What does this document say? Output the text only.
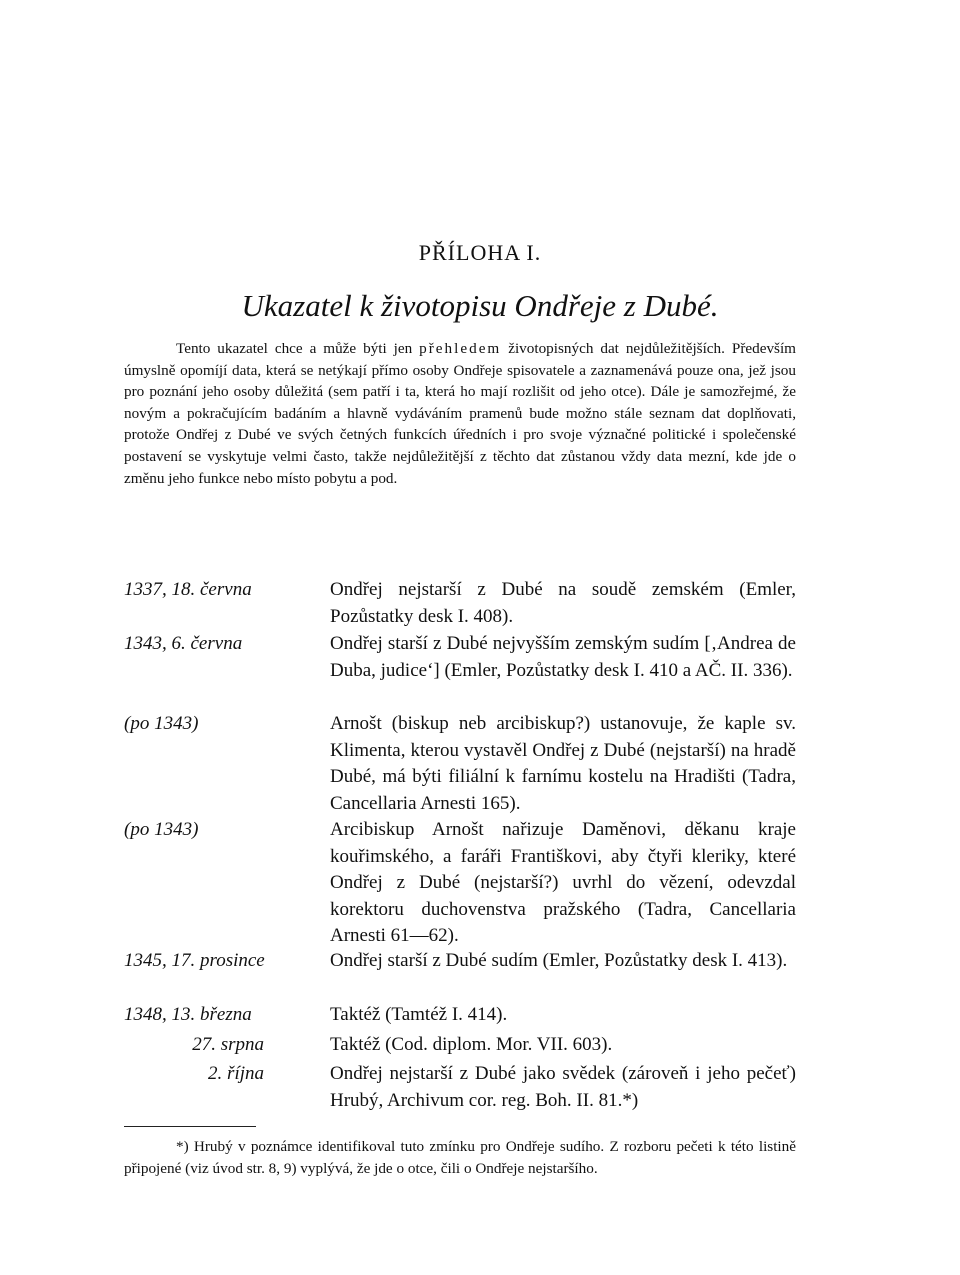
PŘÍLOHA I.
Ukazatel k životopisu Ondřeje z Dubé.

Tento ukazatel chce a může býti jen přehledem životopisných dat nejdůležitějších. Především úmyslně opomíjí data, která se netýkají přímo osoby Ondřeje spisovatele a zaznamenává pouze ona, jež jsou pro poznání jeho osoby důležitá (sem patří i ta, která ho mají rozlišit od jeho otce). Dále je samozřejmé, že novým a pokračujícím badáním a hlavně vydáváním pramenů bude možno stále seznam dat doplňovati, protože Ondřej z Dubé ve svých četných funkcích úředních i pro svoje význačné politické i společenské postavení se vyskytuje velmi často, takže nejdůležitější z těchto dat zůstanou vždy data mezní, kde jde o změnu jeho funkce nebo místo pobytu a pod.

1337, 18. června	Ondřej nejstarší z Dubé na soudě zemském (Emler, Pozůstatky desk I. 408).
1343, 6. června	Ondřej starší z Dubé nejvyšším zemským sudím [‚Andrea de Duba, judice‘] (Emler, Pozůstatky desk I. 410 a AČ. II. 336).
(po 1343)	Arnošt (biskup neb arcibiskup?) ustanovuje, že kaple sv. Klimenta, kterou vystavěl Ondřej z Dubé (nejstarší) na hradě Dubé, má býti filiální k farnímu kostelu na Hradišti (Tadra, Cancellaria Arnesti 165).
(po 1343)	Arcibiskup Arnošt nařizuje Daměnovi, děkanu kraje kouřimského, a faráři Františkovi, aby čtyři kleriky, které Ondřej z Dubé (nejstarší?) uvrhl do vězení, odevzdal korektoru duchovenstva pražského (Tadra, Cancellaria Arnesti 61—62).
1345, 17. prosince	Ondřej starší z Dubé sudím (Emler, Pozůstatky desk I. 413).
1348, 13. března	Taktéž (Tamtéž I. 414).
27. srpna	Taktéž (Cod. diplom. Mor. VII. 603).
2. října	Ondřej nejstarší z Dubé jako svědek (zároveň i jeho pečeť) Hrubý, Archivum cor. reg. Boh. II. 81.*)

*) Hrubý v poznámce identifikoval tuto zmínku pro Ondřeje sudího. Z rozboru pečeti k této listině připojené (viz úvod str. 8, 9) vyplývá, že jde o otce, čili o Ondřeje nejstaršího.
